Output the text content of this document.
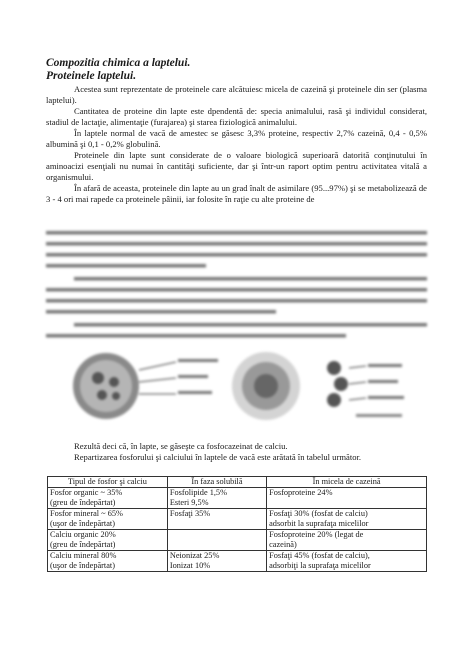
Compozitia chimica a laptelui.
Proteinele laptelui.

Acestea sunt reprezentate de proteinele care alcătuiesc micela de cazeină şi proteinele din ser (plasma laptelui).

Cantitatea de proteine din lapte este dpendentă de: specia animalului, rasă şi individul considerat, stadiul de lactaţie, alimentaţie (furajarea) şi starea fiziologică animalului.

În laptele normal de vacă de amestec se găsesc 3,3% proteine, respectiv 2,7% cazeină, 0,4 - 0,5% albumină şi 0,1 - 0,2% globulină.

Proteinele din lapte sunt considerate de o valoare biologică superioară datorită conţinutului în aminoacizi esenţiali nu numai în cantităţi suficiente, dar şi într-un raport optim pentru activitatea vitală a organismului.

În afară de aceasta, proteinele din lapte au un grad înalt de asimilare (95...97%) şi se metabolizează de 3 - 4 ori mai rapede ca proteinele pâinii, iar folosite în raţie cu alte proteine de

Rezultă deci că, în lapte, se găseşte ca fosfocazeinat de calciu.

Repartizarea fosforului şi calciului în laptele de vacă este arătată în tabelul următor.

Tipul de fosfor şi calciu	În faza solubilă	În micela de cazeină
Fosfor organic ~ 35%
(greu de îndepărtat)	Fosfolipide 1,5%
Esteri 9,5%	Fosfoproteine 24%
Fosfor mineral ~ 65%
(uşor de îndepărtat)	Fosfaţi 35%	Fosfaţi 30% (fosfat de calciu)
adsorbit la suprafaţa micelilor
Calciu organic 20%
(greu de îndepărtat)		Fosfoproteine 20% (legat de
cazeină)
Calciu mineral 80%
(uşor de îndepărtat)	Neionizat 25%
Ionizat 10%	Fosfaţi 45% (fosfat de calciu),
adsorbiţi la suprafaţa micelilor
